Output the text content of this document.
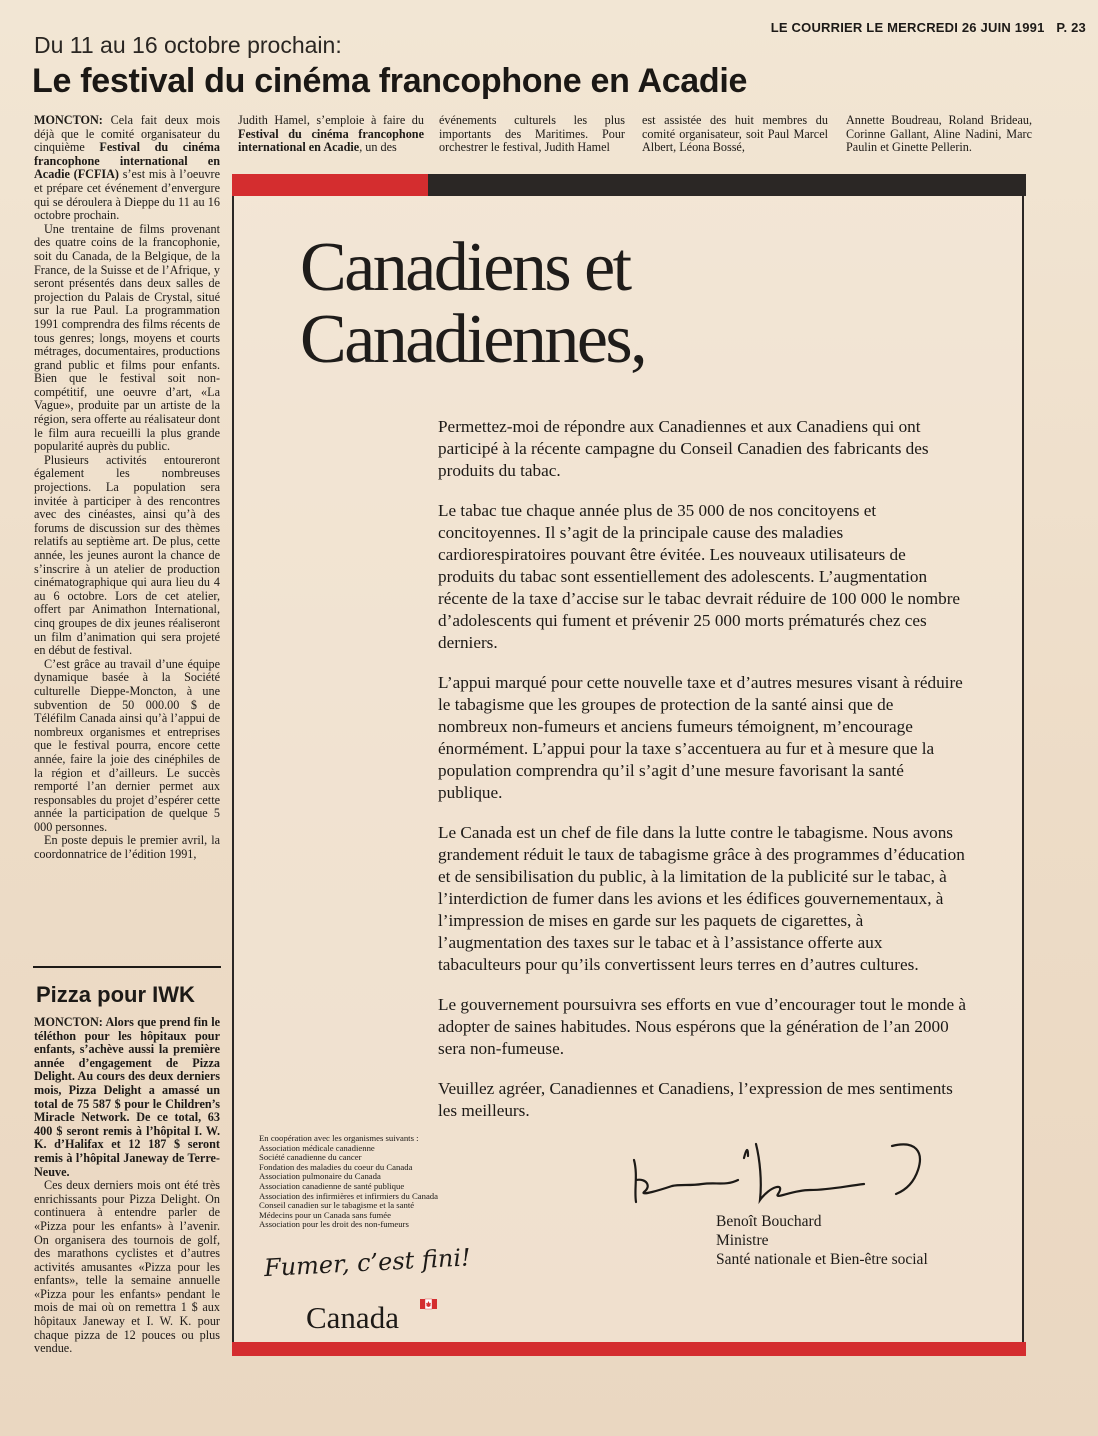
LE COURRIER LE MERCREDI 26 JUIN 1991 P. 23
Du 11 au 16 octobre prochain:
Le festival du cinéma francophone en Acadie

MONCTON: Cela fait deux mois déjà que le comité organisateur du cinquième Festival du cinéma francophone international en Acadie (FCFIA) s’est mis à l’oeuvre et prépare cet événement d’envergure qui se déroulera à Dieppe du 11 au 16 octobre prochain.

Une trentaine de films provenant des quatre coins de la francophonie, soit du Canada, de la Belgique, de la France, de la Suisse et de l’Afrique, y seront présentés dans deux salles de projection du Palais de Crystal, situé sur la rue Paul. La programmation 1991 comprendra des films récents de tous genres; longs, moyens et courts métrages, documentaires, productions grand public et films pour enfants. Bien que le festival soit non-compétitif, une oeuvre d’art, «La Vague», produite par un artiste de la région, sera offerte au réalisateur dont le film aura recueilli la plus grande popularité auprès du public.

Plusieurs activités entoureront également les nombreuses projections. La population sera invitée à participer à des rencontres avec des cinéastes, ainsi qu’à des forums de discussion sur des thèmes relatifs au septième art. De plus, cette année, les jeunes auront la chance de s’inscrire à un atelier de production cinématographique qui aura lieu du 4 au 6 octobre. Lors de cet atelier, offert par Animathon International, cinq groupes de dix jeunes réaliseront un film d’animation qui sera projeté en début de festival.

C’est grâce au travail d’une équipe dynamique basée à la Société culturelle Dieppe-Moncton, à une subvention de 50 000.00 $ de Téléfilm Canada ainsi qu’à l’appui de nombreux organismes et entreprises que le festival pourra, encore cette année, faire la joie des cinéphiles de la région et d’ailleurs. Le succès remporté l’an dernier permet aux responsables du projet d’espérer cette année la participation de quelque 5 000 personnes.

En poste depuis le premier avril, la coordonnatrice de l’édition 1991,

Judith Hamel, s’emploie à faire du Festival du cinéma francophone international en Acadie, un des

événements culturels les plus importants des Maritimes. Pour orchestrer le festival, Judith Hamel

est assistée des huit membres du comité organisateur, soit Paul Marcel Albert, Léona Bossé,

Annette Boudreau, Roland Brideau, Corinne Gallant, Aline Nadini, Marc Paulin et Ginette Pellerin.

Pizza pour IWK

MONCTON: Alors que prend fin le téléthon pour les hôpitaux pour enfants, s’achève aussi la première année d’engagement de Pizza Delight. Au cours des deux derniers mois, Pizza Delight a amassé un total de 75 587 $ pour le Children’s Miracle Network. De ce total, 63 400 $ seront remis à l’hôpital I. W. K. d’Halifax et 12 187 $ seront remis à l’hôpital Janeway de Terre-Neuve.

Ces deux derniers mois ont été très enrichissants pour Pizza Delight. On continuera à entendre parler de «Pizza pour les enfants» à l’avenir. On organisera des tournois de golf, des marathons cyclistes et d’autres activités amusantes «Pizza pour les enfants», telle la semaine annuelle «Pizza pour les enfants» pendant le mois de mai où on remettra 1 $ aux hôpitaux Janeway et I. W. K. pour chaque pizza de 12 pouces ou plus vendue.

Canadiens et
Canadiennes,

Permettez-moi de répondre aux Canadiennes et aux Canadiens qui ont participé à la récente campagne du Conseil Canadien des fabricants des produits du tabac.

Le tabac tue chaque année plus de 35 000 de nos concitoyens et concitoyennes. Il s’agit de la principale cause des maladies cardiorespiratoires pouvant être évitée. Les nouveaux utilisateurs de produits du tabac sont essentiellement des adolescents. L’augmentation récente de la taxe d’accise sur le tabac devrait réduire de 100 000 le nombre d’adolescents qui fument et prévenir 25 000 morts prématurés chez ces derniers.

L’appui marqué pour cette nouvelle taxe et d’autres mesures visant à réduire le tabagisme que les groupes de protection de la santé ainsi que de nombreux non-fumeurs et anciens fumeurs témoignent, m’encourage énormément. L’appui pour la taxe s’accentuera au fur et à mesure que la population comprendra qu’il s’agit d’une mesure favorisant la santé publique.

Le Canada est un chef de file dans la lutte contre le tabagisme. Nous avons grandement réduit le taux de tabagisme grâce à des programmes d’éducation et de sensibilisation du public, à la limitation de la publicité sur le tabac, à l’interdiction de fumer dans les avions et les édifices gouvernementaux, à l’impression de mises en garde sur les paquets de cigarettes, à l’augmentation des taxes sur le tabac et à l’assistance offerte aux tabaculteurs pour qu’ils convertissent leurs terres en d’autres cultures.

Le gouvernement poursuivra ses efforts en vue d’encourager tout le monde à adopter de saines habitudes. Nous espérons que la génération de l’an 2000 sera non-fumeuse.

Veuillez agréer, Canadiennes et Canadiens, l’expression de mes sentiments les meilleurs.

En coopération avec les organismes suivants :
Association médicale canadienne
Société canadienne du cancer
Fondation des maladies du coeur du Canada
Association pulmonaire du Canada
Association canadienne de santé publique
Association des infirmières et infirmiers du Canada
Conseil canadien sur le tabagisme et la santé
Médecins pour un Canada sans fumée
Association pour les droit des non-fumeurs
Fumer, c’est fini!
Canada
Benoît Bouchard
Ministre
Santé nationale et Bien-être social
